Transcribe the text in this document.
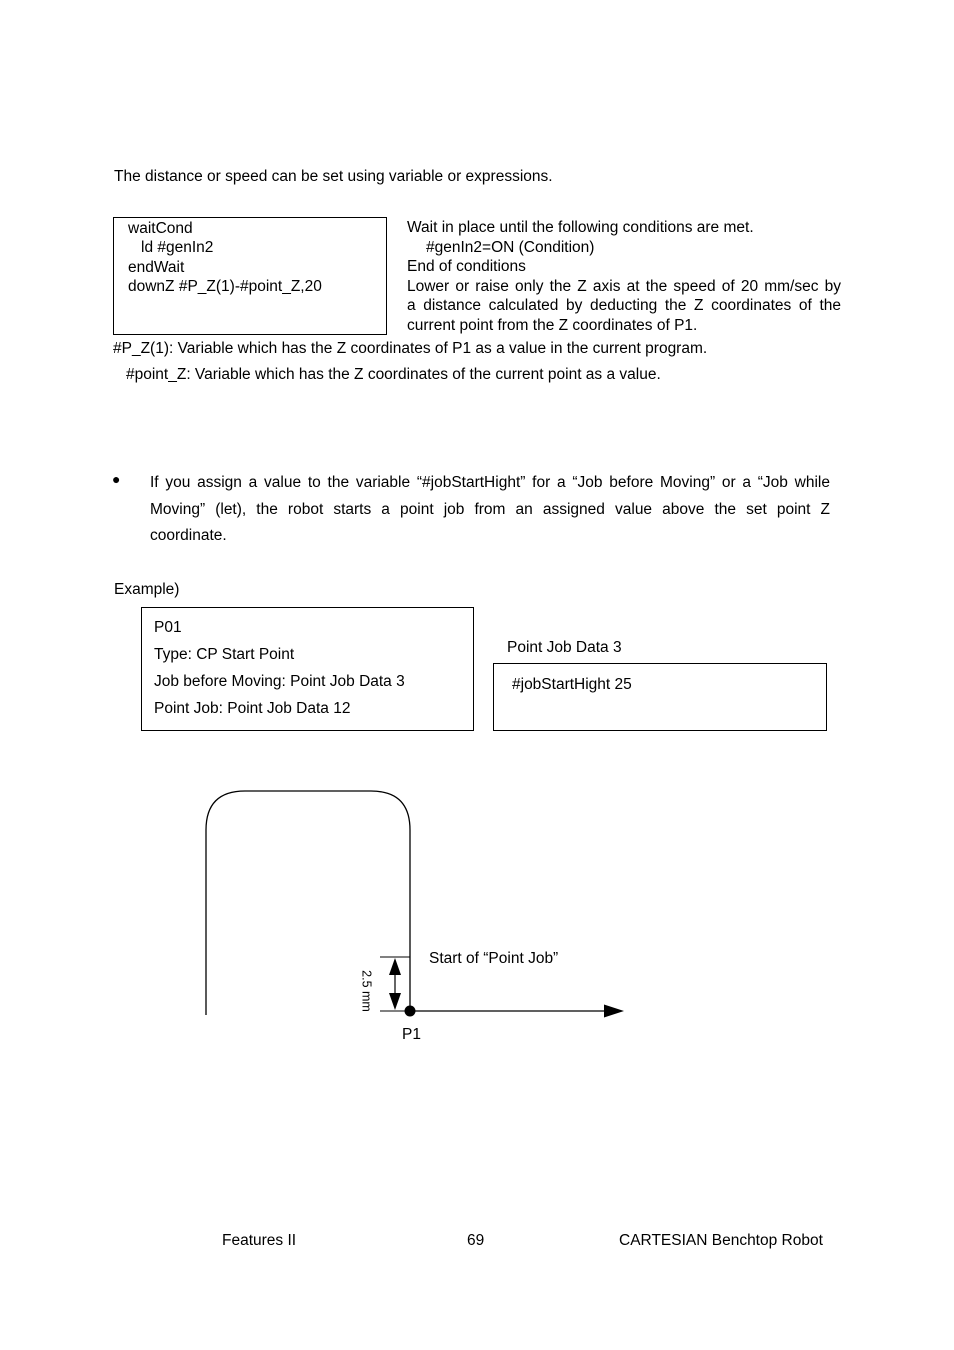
The distance or speed can be set using variable or expressions.
waitCond
ld #genIn2
endWait
downZ #P_Z(1)-#point_Z,20
Wait in place until the following conditions are met.
#genIn2=ON (Condition)
End of conditions
Lower or raise only the Z axis at the speed of 20 mm/sec by
a distance calculated by deducting the Z coordinates of the
current point from the Z coordinates of P1.
#P_Z(1): Variable which has the Z coordinates of P1 as a value in the current program.
#point_Z: Variable which has the Z coordinates of the current point as a value.
● If you assign a value to the variable “#jobStartHight” for a “Job before Moving” or a “Job while
Moving” (let), the robot starts a point job from an assigned value above the set point Z
coordinate.
Example)
P01
Type: CP Start Point
Job before Moving: Point Job Data 3
Point Job: Point Job Data 12
Point Job Data 3
#jobStartHight 25
2.5 mm
Start of “Point Job”
P1
Features II	69	CARTESIAN Benchtop Robot
